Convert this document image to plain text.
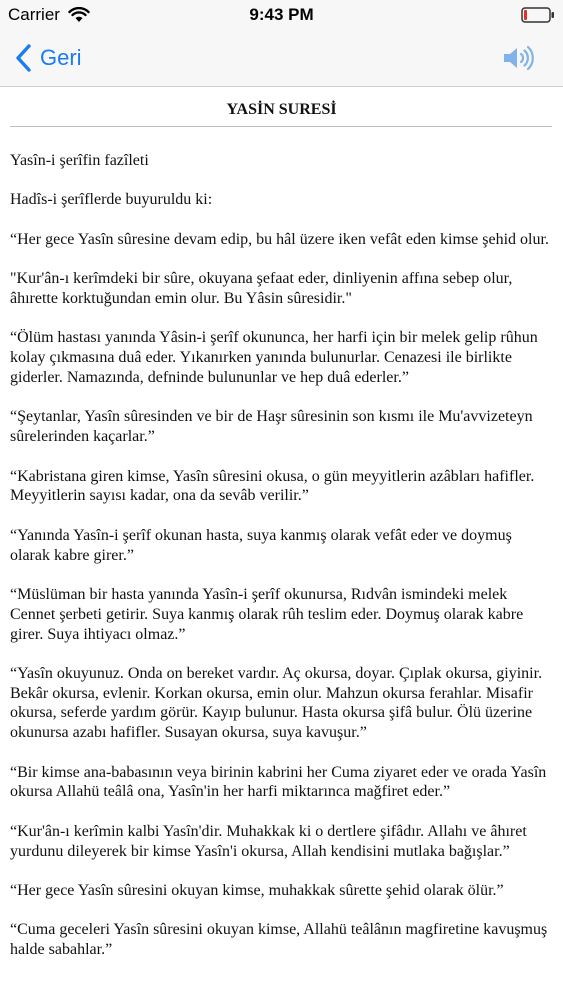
Carrier	9:43 PM
Geri
YASİN SURESİ

Yasîn-i şerîfin fazîleti

Hadîs-i şerîflerde buyuruldu ki:

“Her gece Yasîn sûresine devam edip, bu hâl üzere iken vefât eden kimse şehid olur.

"Kur'ân-ı kerîmdeki bir sûre, okuyana şefaat eder, dinliyenin affına sebep olur, âhırette korktuğundan emin olur. Bu Yâsin sûresidir."

“Ölüm hastası yanında Yâsin-i şerîf okununca, her harfi için bir melek gelip rûhun kolay çıkmasına duâ eder. Yıkanırken yanında bulunurlar. Cenazesi ile birlikte giderler. Namazında, defninde bulununlar ve hep duâ ederler.”

“Şeytanlar, Yasîn sûresinden ve bir de Haşr sûresinin son kısmı ile Mu'avvizeteyn sûrelerinden kaçarlar.”

“Kabristana giren kimse, Yasîn sûresini okusa, o gün meyyitlerin azâbları hafifler. Meyyitlerin sayısı kadar, ona da sevâb verilir.”

“Yanında Yasîn-i şerîf okunan hasta, suya kanmış olarak vefât eder ve doymuş olarak kabre girer.”

“Müslüman bir hasta yanında Yasîn-i şerîf okunursa, Rıdvân ismindeki melek Cennet şerbeti getirir. Suya kanmış olarak rûh teslim eder. Doymuş olarak kabre girer. Suya ihtiyacı olmaz.”

“Yasîn okuyunuz. Onda on bereket vardır. Aç okursa, doyar. Çıplak okursa, giyinir. Bekâr okursa, evlenir. Korkan okursa, emin olur. Mahzun okursa ferahlar. Misafir okursa, seferde yardım görür. Kayıp bulunur. Hasta okursa şifâ bulur. Ölü üzerine okunursa azabı hafifler. Susayan okursa, suya kavuşur.”

“Bir kimse ana-babasının veya birinin kabrini her Cuma ziyaret eder ve orada Yasîn okursa Allahü teâlâ ona, Yasîn'in her harfi miktarınca mağfiret eder.”

“Kur'ân-ı kerîmin kalbi Yasîn'dir. Muhakkak ki o dertlere şifâdır. Allahı ve âhıret yurdunu dileyerek bir kimse Yasîn'i okursa, Allah kendisini mutlaka bağışlar.”

“Her gece Yasîn sûresini okuyan kimse, muhakkak sûrette şehid olarak ölür.”

“Cuma geceleri Yasîn sûresini okuyan kimse, Allahü teâlânın magfiretine kavuşmuş halde sabahlar.”
